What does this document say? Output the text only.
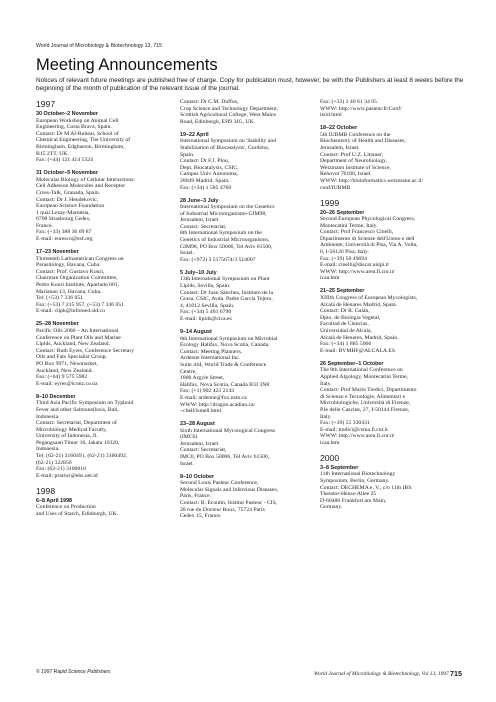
World Journal of Microbiology & Biotechnology 13, 715
Meeting Announcements
Notices of relevant future meetings are published free of charge. Copy for publication must, however, be with the Publishers at least 8 weeks before the beginning of the month of publication of the relevant issue of the journal.
1997
30 October–2 November
European Workshop on Animal Cell
Engineering, Costa Brava, Spain.
Contact: Dr M Al-Rubeai, School of
Chemical Engineering, The University of
Birmingham, Edgbaston, Birmingham,
B15 2TT, UK.
Fax: (+44) 121 414 5324
31 October–5 November
Molecular Biology of Cellular Interactions:
Cell Adhesion Molecules and Receptor
Cross-Talk, Granada, Spain.
Contact: Dr J. Hendekovic,
European Science Foundation
1 quai Lezay-Marnésia,
6708 Strasbourg Cedex,
France.
Fax: (+33) 388 36 69 87
E-mail: euresco@esf.org
17–23 November
Thirteenth Latinamerican Congress on
Parasitology, Havana, Cuba.
Contact: Prof. Gustavo Kouri,
Chairman Organization Committee,
Pedro Kouri Institute, Apartado 601,
Marianao 13, Havana, Cuba.
Tel: (+53) 7 336 051
Fax: (+53) 7 215 957, (+53) 7 336 051
E-mail: ciipk@infomed.sld.cu
25–28 November
Pacific Oils 2000 – An International
Conference on Plant Oils and Marine
Lipids, Auckland, New Zealand.
Contact: Ruth Eyres, Conference Secretary
Oils and Fats Specialist Group,
PO Box 9971, Newmarket,
Auckland, New Zealand.
Fax: (+64) 9 575 5982
E-mail: eyres@iconz.co.nz
8–10 December
Third Asia Pacific Symposium on Typhoid
Fever and other Salmonellosis, Bali,
Indonesia.
Contact: Secretariat, Department of
Microbiology Medical Faculty,
University of Indonesia, Jl.
Pegangsaan Timur 16, Jakata 10320,
Indonesia.
Tel: (62-21) 3160491, (62-21) 3160492,
(62-21) 322850
Fax: (62-21) 3100810
E-mail: pratiwi@ebs.net.id
1998
6–8 April 1998
Conference on Production
and Uses of Starch, Edinburgh, UK.
Contact: Dr C.M. Duffus,
Crop Science and Technology Department,
Scottish Agricultural College, West Mains
Road, Edinburgh, EH9 3JG, UK.
19–22 April
International Symposium on 'Stability and
Stabilization of Biocatalysts', Cordoba,
Spain.
Contact: Dr F.J. Plou,
Dept. Biocatalysis, CSIC,
Campus Univ Autonoma,
28049 Madrid, Spain.
Fax: (+34) 1 585 4760
28 June–3 July
International Symposium on the Genetics
of Industrial Microorganisms-GIM98,
Jerusalem, Israel.
Contact: Secretariat,
8th International Symposium on the
Genetics of Industrial Microorganisms,
GIM98, PO Box 50006, Tel Aviv 61500,
Israel.
Fax: (+972) 3 5175674/3 514007
5 July–10 July
13th International Symposium on Plant
Lipids, Sevilla, Spain.
Contact: Dr Juan Sánchez, Instituto de la
Grasa, CSIC, Avda. Padre García Tejero,
4, 41012 Sevilla, Spain.
Fax: (+34) 5 461 6790
E-mail: lipids@cica.es
9–14 August
8th International Symposium on Microbial
Ecology Halifax, Nova Scotia, Canada.
Contact: Meeting Planners,
Ardenne International Inc.
Suite 444, World Trade & Conference
Centre,
1800 Argyle Street,
Halifax, Nova Scotia, Canada B3J 3N8
Fax: (+1) 902 423 2143
E-mail: ardenne@fox.nstn.ca
WWW: http://dragon.acadiau.ca/
~cbell/isme8.html
23–28 August
Sixth International Mycological Congress
(IMC6)
Jerusalem, Israel.
Contact: Secretariat,
IMC6, PO Box 50006, Tel Aviv 61500,
Israel.
8–10 October
Second Louis Pasteur Conference,
Molecular Signals and Infectious Diseases,
Paris, France.
Contact: B. Ecoutin, Institut Pasteur - CIS,
28 rue du Docteur Roux, 75724 Paris
Cedex 15, France.
Fax: (+33) 1 40 61 34 05
WWW: http://www.pasteur.fr/Conf/
itsid.html
18–22 October
5th IUBMB Conference on the
Biochemistry of Health and Diseases,
Jerusalem, Israel.
Contact: Prof U.Z. Littauer,
Department of Neurobiology,
Weizmann Institute of Science,
Rehovot 76100, Israel.
WWW: http://bioinformatics.weizmann.ac.il/
conf/IUBMB
1999
20–26 September
Second European Phycological Congress,
Montecatini Terme, Italy.
Contact: Prof Francesco Cinelli,
Dipartimento di Scienze dell'Uomo e dell
Ambiente, Università di Pisa, Via A. Volta,
6, I-56126 Pisa, Italy.
Fax: (+39) 50 49694
E-mail: cinelli@discat.unipi.it
WWW: http://www.area.fi.cnr.it/
icaa.htm
21–25 September
XIIIth Congress of European Mycologists,
Alcalá de Henares Madrid, Spain.
Contact: Dr R. Galán,
Dpto. de Biologia Vegetal,
Facultad de Ciencias,
Universidad de Alcala,
Alcalá de Henares, Madrid, Spain.
Fax: (+34) 1 885 5066
E-mail: BVMHF@ALCALA.ES
26 September–1 October
The 8th International Conference on
Applied Algology, Montecatini Terme,
Italy.
Contact: Prof Mario Tredici, Dipartimento
di Scienze e Tecnologie, Alimentari e
Microbiologiche, Università di Firenze,
P.le delle Cascine, 27, I-50144 Firenze,
Italy.
Fax: (+39) 55 330431
E-mail: tredici@csma.fi.cnr.it
WWW: http://www.area.fi.cnr.it/
icaa.htm
2000
3–8 September
11th International Biotechnology
Symposium, Berlin, Germany.
Contact: DECHEMA e. V., c/o 11th IBS.
Theodor-Heuss-Allee 25
D-60486 Frankfurt am Main,
Germany.
© 1997 Rapid Science Publishers	World Journal of Microbiology & Biotechnology, Vol 13, 1997 715
